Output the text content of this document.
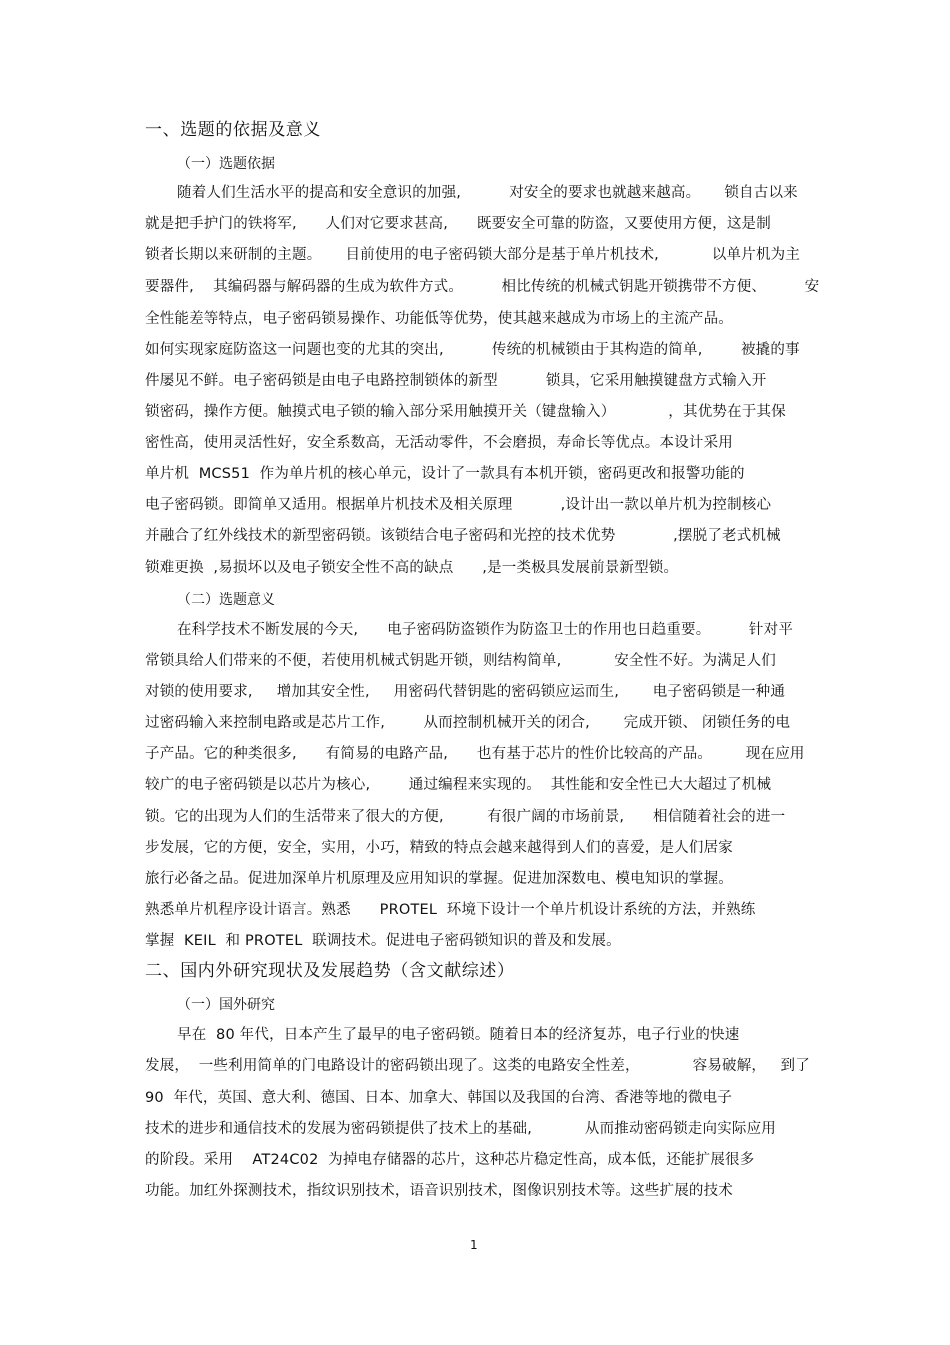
一、选题的依据及意义
（一）选题依据
随着人们生活水平的提高和安全意识的加强,          对安全的要求也就越来越高。     锁自古以来
就是把手护门的铁将军,      人们对它要求甚高,      既要安全可靠的防盗，又要使用方便，这是制
锁者长期以来研制的主题。     目前使用的电子密码锁大部分是基于单片机技术,           以单片机为主
要器件,    其编码器与解码器的生成为软件方式。        相比传统的机械式钥匙开锁携带不方便、        安
全性能差等特点，电子密码锁易操作、功能低等优势，使其越来越成为市场上的主流产品。
如何实现家庭防盗这一问题也变的尤其的突出,          传统的机械锁由于其构造的简单,        被撬的事
件屡见不鲜。电子密码锁是由电子电路控制锁体的新型          锁具，它采用触摸键盘方式输入开
锁密码，操作方便。触摸式电子锁的输入部分采用触摸开关（键盘输入）           ，其优势在于其保
密性高，使用灵活性好，安全系数高，无活动零件，不会磨损，寿命长等优点。本设计采用
单片机  MCS51  作为单片机的核心单元，设计了一款具有本机开锁，密码更改和报警功能的
电子密码锁。即简单又适用。根据单片机技术及相关原理          ,设计出一款以单片机为控制核心
并融合了红外线技术的新型密码锁。该锁结合电子密码和光控的技术优势            ,摆脱了老式机械
锁难更换  ,易损坏以及电子锁安全性不高的缺点      ,是一类极具发展前景新型锁。
（二）选题意义
在科学技术不断发展的今天,      电子密码防盗锁作为防盗卫士的作用也日趋重要。        针对平
常锁具给人们带来的不便，若使用机械式钥匙开锁，则结构简单,           安全性不好。为满足人们
对锁的使用要求,     增加其安全性,     用密码代替钥匙的密码锁应运而生,       电子密码锁是一种通
过密码输入来控制电路或是芯片工作,        从而控制机械开关的闭合,       完成开锁、 闭锁任务的电
子产品。它的种类很多,      有简易的电路产品,      也有基于芯片的性价比较高的产品。       现在应用
较广的电子密码锁是以芯片为核心,        通过编程来实现的。  其性能和安全性已大大超过了机械
锁。它的出现为人们的生活带来了很大的方便,         有很广阔的市场前景,      相信随着社会的进一
步发展，它的方便，安全，实用，小巧，精致的特点会越来越得到人们的喜爱，是人们居家
旅行必备之品。促进加深单片机原理及应用知识的掌握。促进加深数电、模电知识的掌握。
熟悉单片机程序设计语言。熟悉      PROTEL  环境下设计一个单片机设计系统的方法，并熟练
掌握  KEIL  和 PROTEL  联调技术。促进电子密码锁知识的普及和发展。
二、国内外研究现状及发展趋势（含文献综述）
（一）国外研究
早在  80 年代，日本产生了最早的电子密码锁。随着日本的经济复苏，电子行业的快速
发展，  一些利用简单的门电路设计的密码锁出现了。这类的电路安全性差，           容易破解，   到了
90  年代，英国、意大利、德国、日本、加拿大、韩国以及我国的台湾、香港等地的微电子
技术的进步和通信技术的发展为密码锁提供了技术上的基础,           从而推动密码锁走向实际应用
的阶段。采用    AT24C02  为掉电存储器的芯片，这种芯片稳定性高，成本低，还能扩展很多
功能。加红外探测技术，指纹识别技术，语音识别技术，图像识别技术等。这些扩展的技术
1
